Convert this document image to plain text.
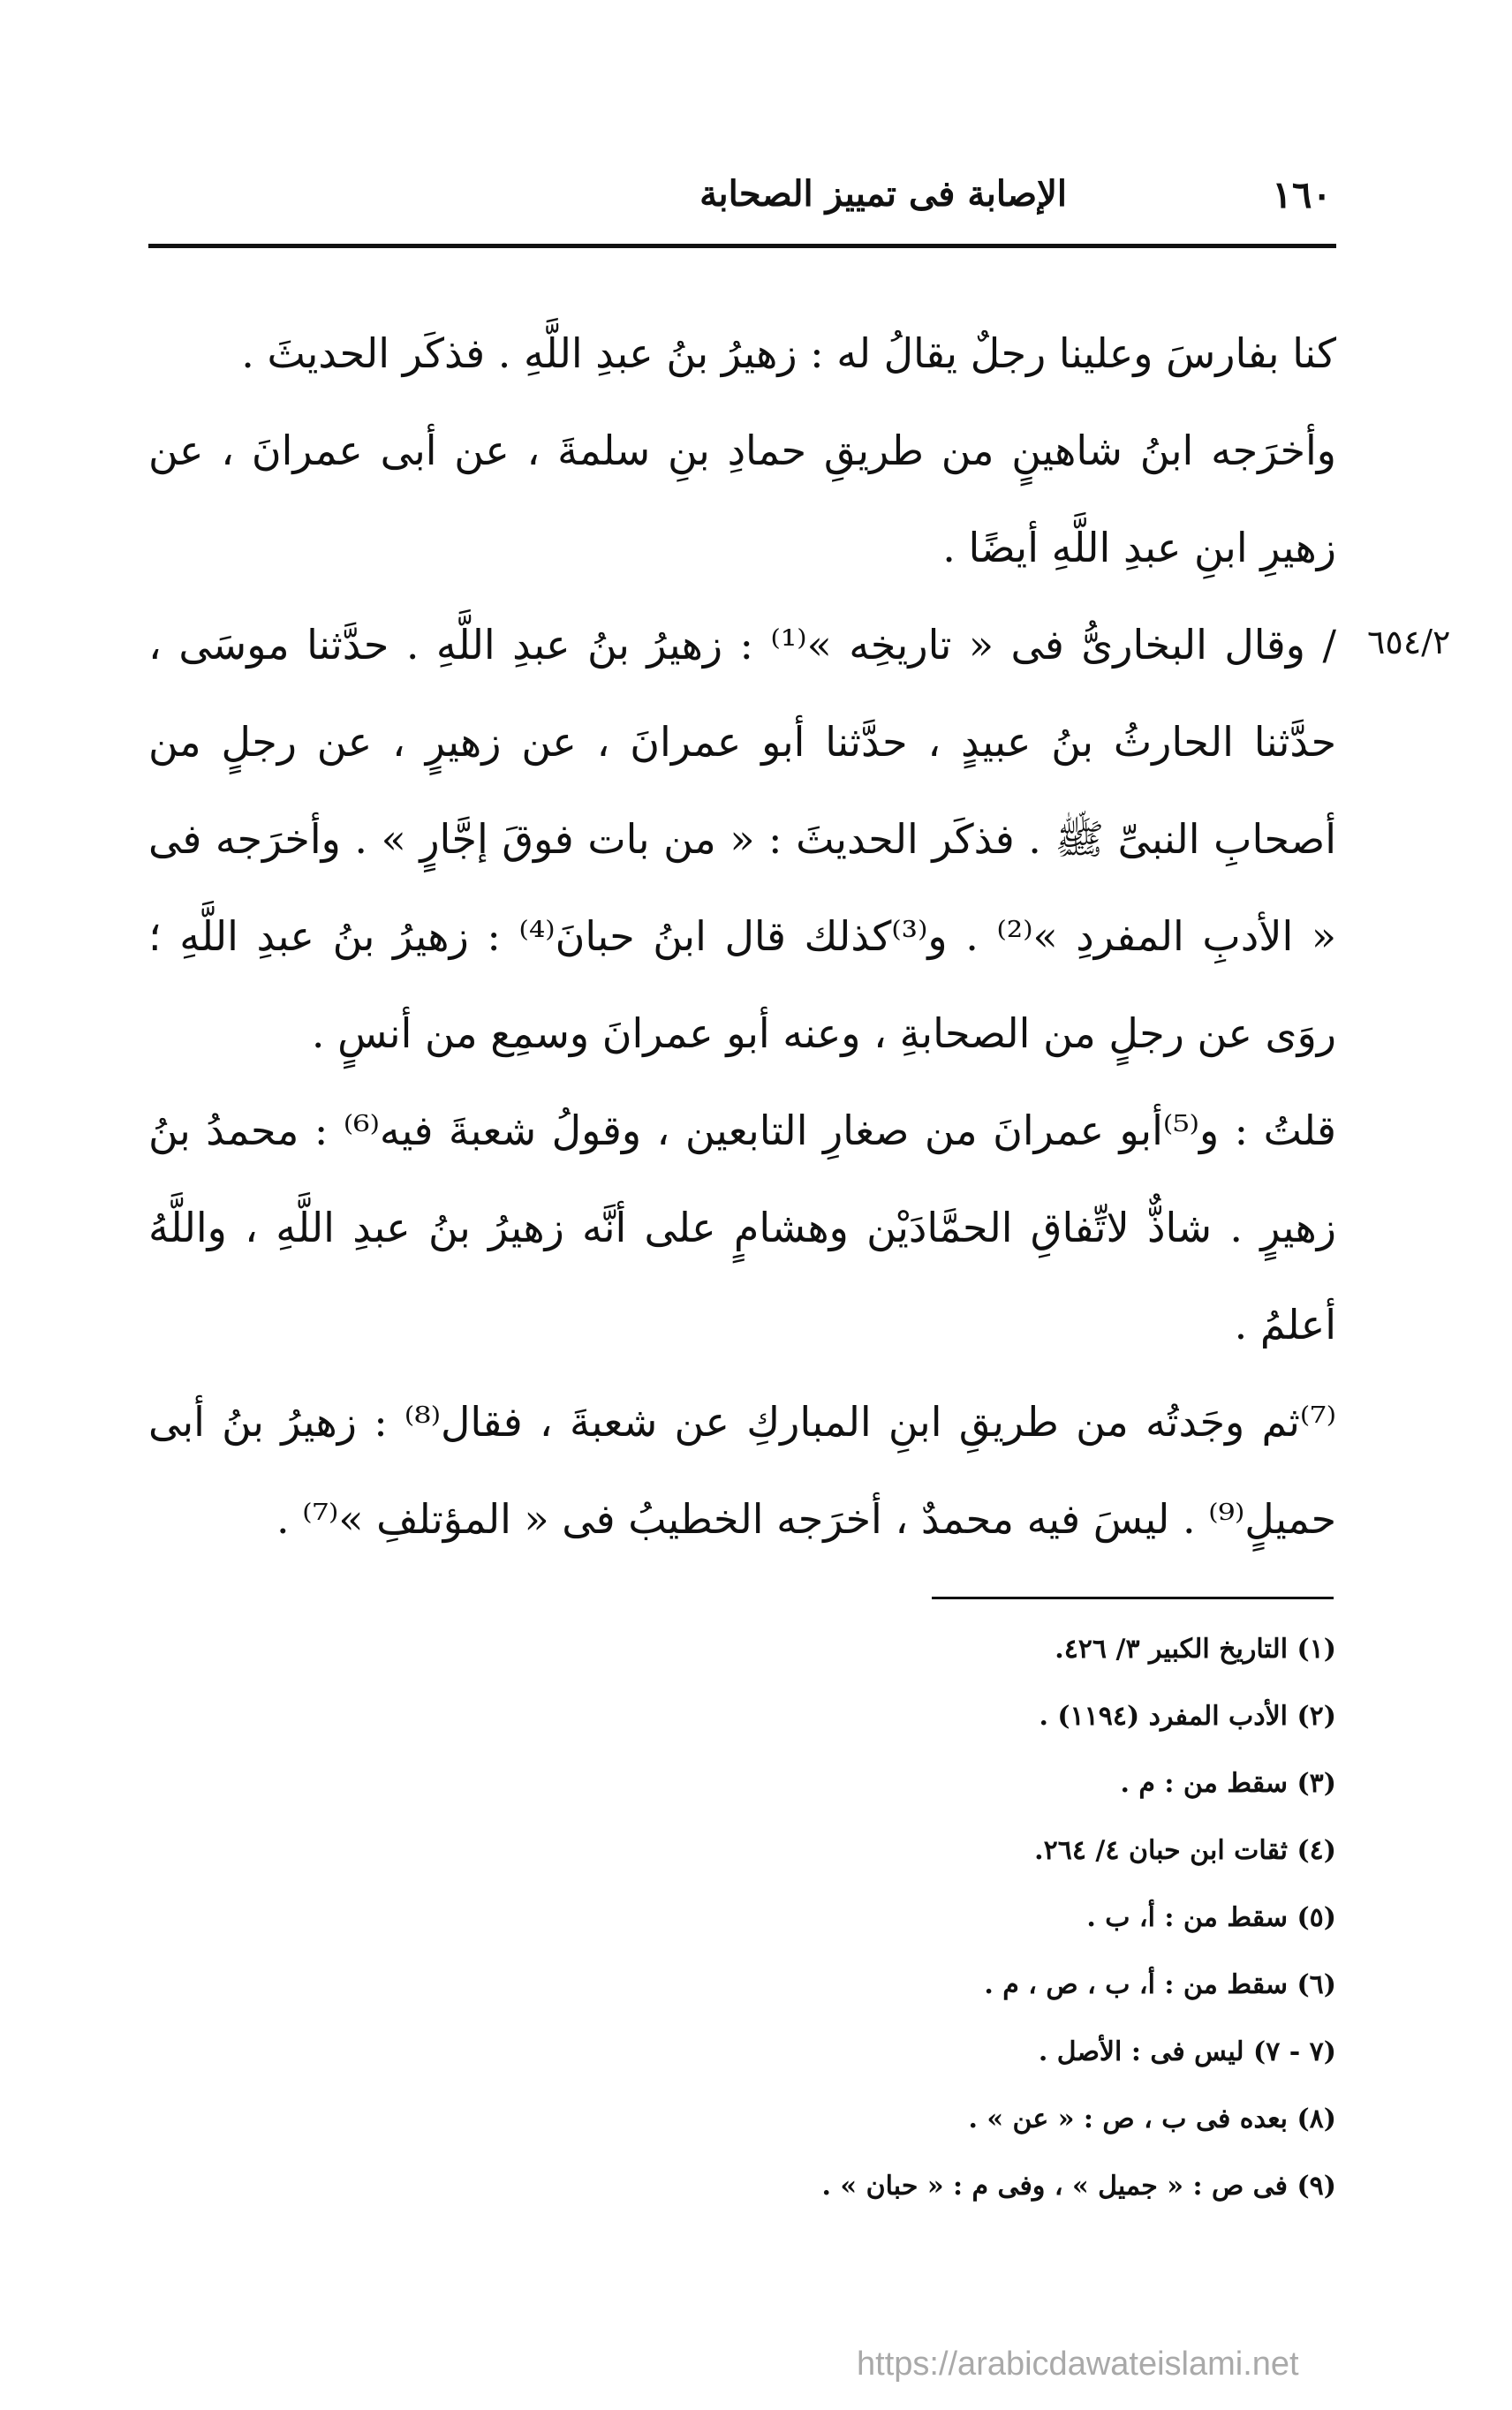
١٦٠
الإصابة فى تمييز الصحابة
٦٥٤/٢

كنا بفارسَ وعلينا رجلٌ يقالُ له : زهيرُ بنُ عبدِ اللَّهِ . فذكَر الحديثَ .

وأخرَجه ابنُ شاهينٍ من طريقِ حمادِ بنِ سلمةَ ، عن أبى عمرانَ ، عن زهيرِ ابنِ عبدِ اللَّهِ أيضًا .

/ وقال البخارىُّ فى « تاريخِه »⁽¹⁾ : زهيرُ بنُ عبدِ اللَّهِ . حدَّثنا موسَى ، حدَّثنا الحارثُ بنُ عبيدٍ ، حدَّثنا أبو عمرانَ ، عن زهيرٍ ، عن رجلٍ من أصحابِ النبىِّ ﷺ . فذكَر الحديثَ : « من بات فوقَ إجَّارٍ » . وأخرَجه فى « الأدبِ المفردِ »⁽²⁾ . و⁽³⁾كذلك قال ابنُ حبانَ⁽⁴⁾ : زهيرُ بنُ عبدِ اللَّهِ ؛ روَى عن رجلٍ من الصحابةِ ، وعنه أبو عمرانَ وسمِع من أنسٍ .

قلتُ : و⁽⁵⁾أبو عمرانَ من صغارِ التابعين ، وقولُ شعبةَ فيه⁽⁶⁾ : محمدُ بنُ زهيرٍ . شاذٌّ لاتِّفاقِ الحمَّادَيْن وهشامٍ على أنَّه زهيرُ بنُ عبدِ اللَّهِ ، واللَّهُ أعلمُ .

⁽⁷⁾ثم وجَدتُه من طريقِ ابنِ المباركِ عن شعبةَ ، فقال⁽⁸⁾ : زهيرُ بنُ أبى حميلٍ⁽⁹⁾ . ليسَ فيه محمدٌ ، أخرَجه الخطيبُ فى « المؤتلفِ »⁽⁷⁾ .

(١) التاريخ الكبير ٣/ ٤٢٦.

(٢) الأدب المفرد (١١٩٤) .

(٣) سقط من : م .

(٤) ثقات ابن حبان ٤/ ٢٦٤.

(٥) سقط من : أ، ب .

(٦) سقط من : أ، ب ، ص ، م .

(٧ - ٧) ليس فى : الأصل .

(٨) بعده فى ب ، ص : « عن » .

(٩) فى ص : « جميل » ، وفى م : « حبان » .

https://arabicdawateislami.net
